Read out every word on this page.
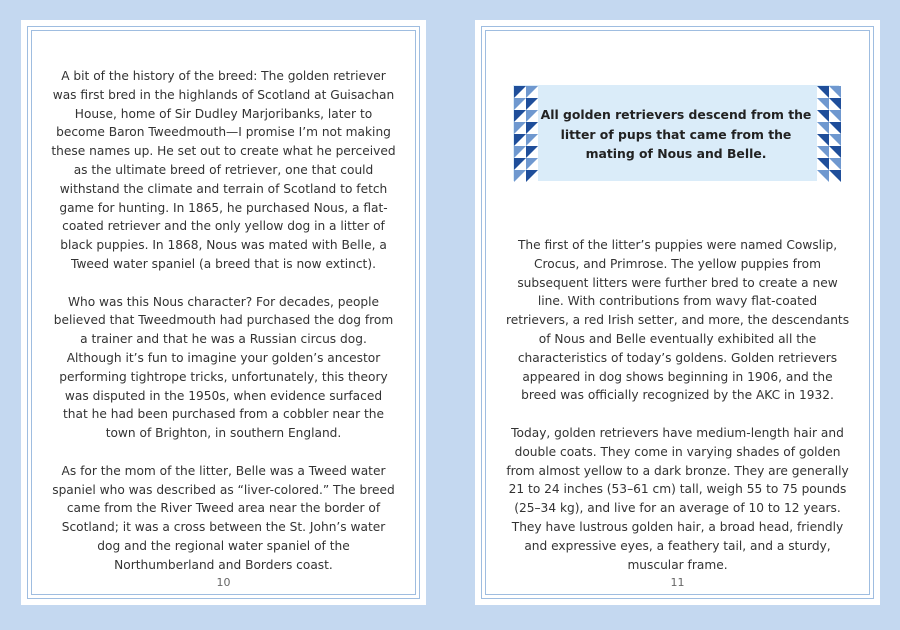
A bit of the history of the breed: The golden retriever was first bred in the highlands of Scotland at Guisachan House, home of Sir Dudley Marjoribanks, later to become Baron Tweedmouth—I promise I’m not making these names up. He set out to create what he perceived as the ultimate breed of retriever, one that could withstand the climate and terrain of Scotland to fetch game for hunting. In 1865, he purchased Nous, a flat-coated retriever and the only yellow dog in a litter of black puppies. In 1868, Nous was mated with Belle, a Tweed water spaniel (a breed that is now extinct).

Who was this Nous character? For decades, people believed that Tweedmouth had purchased the dog from a trainer and that he was a Russian circus dog. Although it’s fun to imagine your golden’s ancestor performing tightrope tricks, unfortunately, this theory was disputed in the 1950s, when evidence surfaced that he had been purchased from a cobbler near the town of Brighton, in southern England.

As for the mom of the litter, Belle was a Tweed water spaniel who was described as “liver-colored.” The breed came from the River Tweed area near the border of Scotland; it was a cross between the St. John’s water dog and the regional water spaniel of the Northumberland and Borders coast.

10
All golden retrievers descend from the litter of pups that came from the mating of Nous and Belle.

The first of the litter’s puppies were named Cowslip, Crocus, and Primrose. The yellow puppies from subsequent litters were further bred to create a new line. With contributions from wavy flat-coated retrievers, a red Irish setter, and more, the descendants of Nous and Belle eventually exhibited all the characteristics of today’s goldens. Golden retrievers appeared in dog shows beginning in 1906, and the breed was officially recognized by the AKC in 1932.

Today, golden retrievers have medium-length hair and double coats. They come in varying shades of golden from almost yellow to a dark bronze. They are generally 21 to 24 inches (53–61 cm) tall, weigh 55 to 75 pounds (25–34 kg), and live for an average of 10 to 12 years. They have lustrous golden hair, a broad head, friendly and expressive eyes, a feathery tail, and a sturdy, muscular frame.

11
